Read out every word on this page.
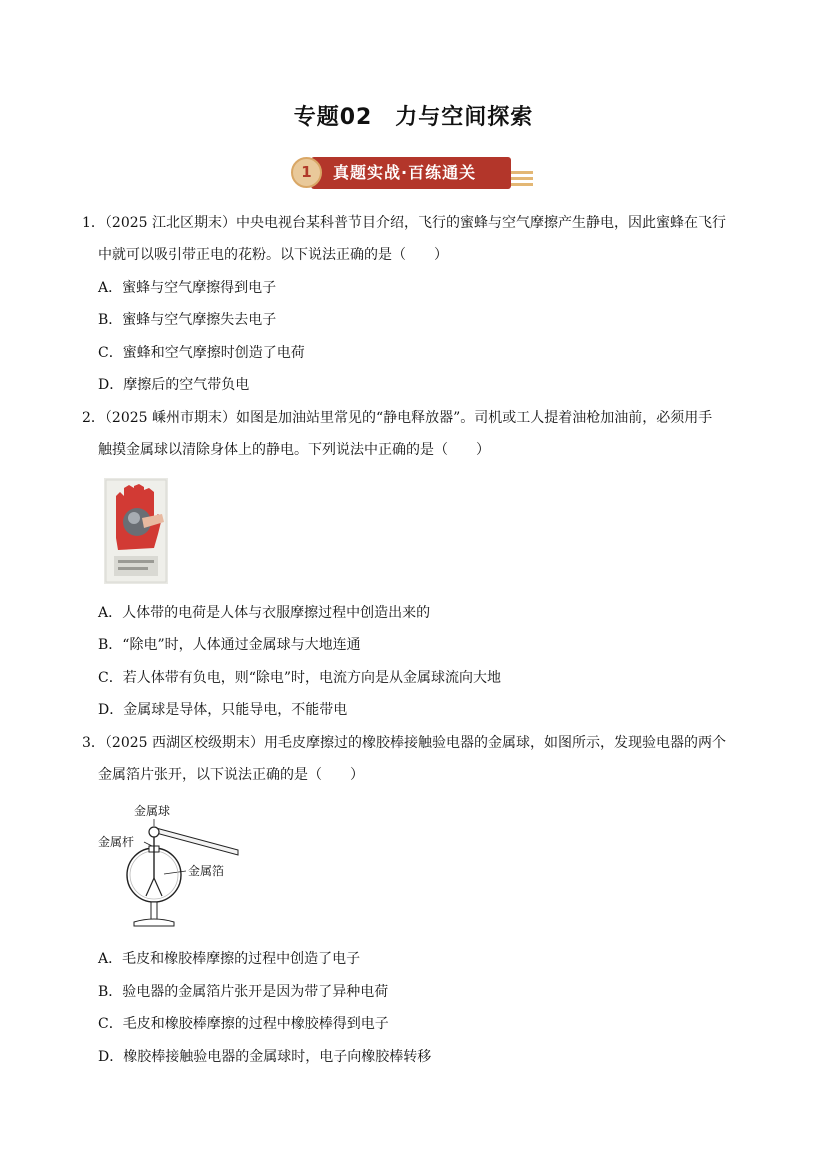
专题02　力与空间探索
1	真题实战·百练通关
1．（2025 江北区期末）中央电视台某科普节目介绍，飞行的蜜蜂与空气摩擦产生静电，因此蜜蜂在飞行
中就可以吸引带正电的花粉。以下说法正确的是（　　）
A．蜜蜂与空气摩擦得到电子
B．蜜蜂与空气摩擦失去电子
C．蜜蜂和空气摩擦时创造了电荷
D．摩擦后的空气带负电
2．（2025 嵊州市期末）如图是加油站里常见的“静电释放器”。司机或工人提着油枪加油前，必须用手
触摸金属球以清除身体上的静电。下列说法中正确的是（　　）
A．人体带的电荷是人体与衣服摩擦过程中创造出来的
B．“除电”时，人体通过金属球与大地连通
C．若人体带有负电，则“除电”时，电流方向是从金属球流向大地
D．金属球是导体，只能导电，不能带电
3．（2025 西湖区校级期末）用毛皮摩擦过的橡胶棒接触验电器的金属球，如图所示，发现验电器的两个
金属箔片张开，以下说法正确的是（　　）
金属球
金属杆
金属箔
A．毛皮和橡胶棒摩擦的过程中创造了电子
B．验电器的金属箔片张开是因为带了异种电荷
C．毛皮和橡胶棒摩擦的过程中橡胶棒得到电子
D．橡胶棒接触验电器的金属球时，电子向橡胶棒转移
